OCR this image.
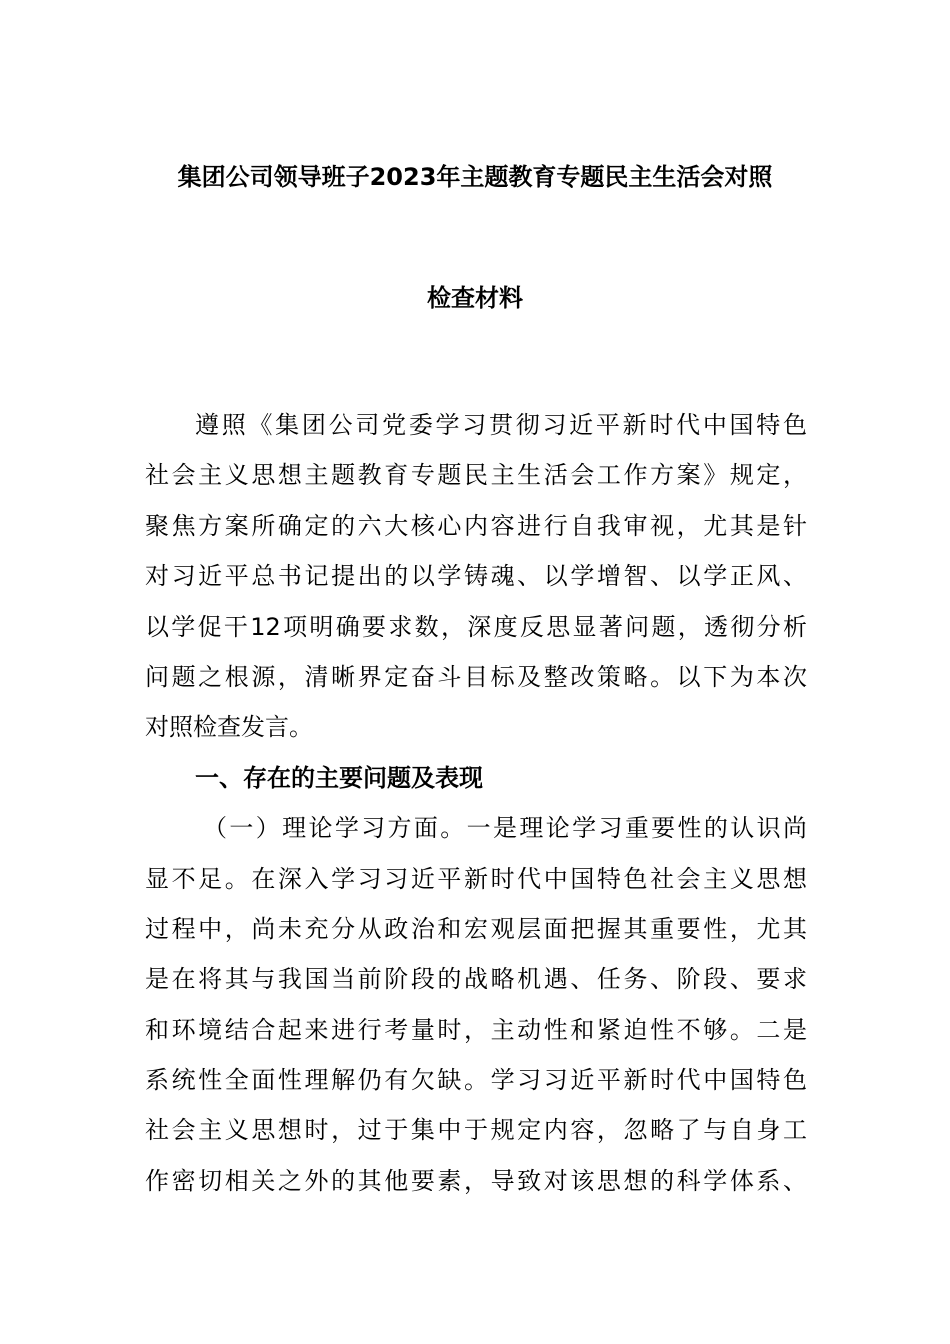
集团公司领导班子2023年主题教育专题民主生活会对照
检查材料
遵照《集团公司党委学习贯彻习近平新时代中国特色
社会主义思想主题教育专题民主生活会工作方案》规定，
聚焦方案所确定的六大核心内容进行自我审视，尤其是针
对习近平总书记提出的以学铸魂、以学增智、以学正风、
以学促干12项明确要求数，深度反思显著问题，透彻分析
问题之根源，清晰界定奋斗目标及整改策略。以下为本次
对照检查发言。
一、存在的主要问题及表现
（一）理论学习方面。一是理论学习重要性的认识尚
显不足。在深入学习习近平新时代中国特色社会主义思想
过程中，尚未充分从政治和宏观层面把握其重要性，尤其
是在将其与我国当前阶段的战略机遇、任务、阶段、要求
和环境结合起来进行考量时，主动性和紧迫性不够。二是
系统性全面性理解仍有欠缺。学习习近平新时代中国特色
社会主义思想时，过于集中于规定内容，忽略了与自身工
作密切相关之外的其他要素，导致对该思想的科学体系、
